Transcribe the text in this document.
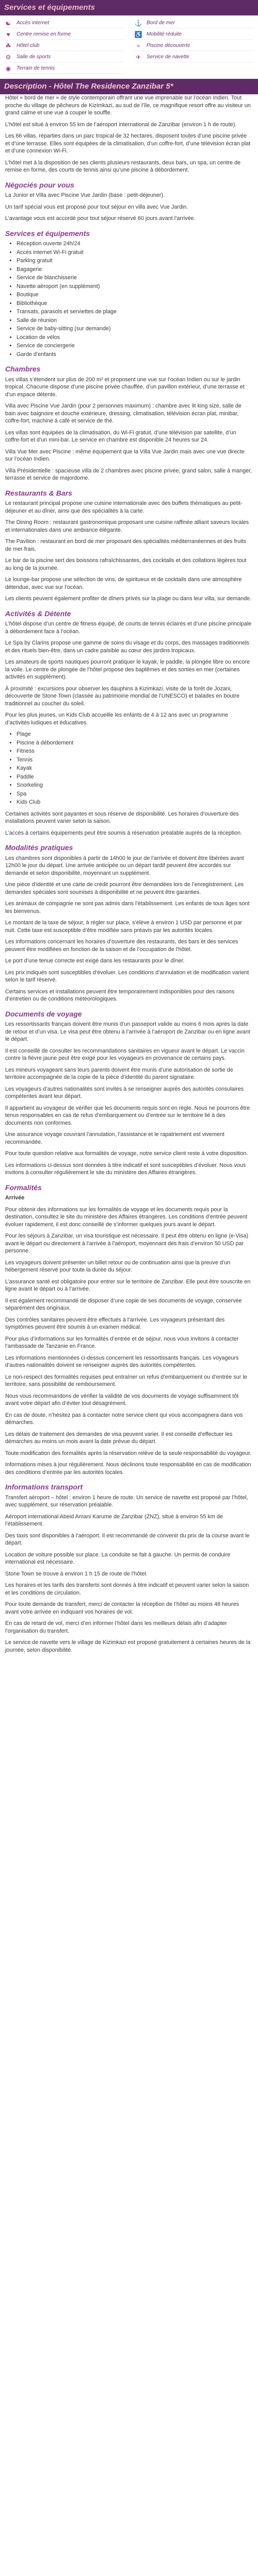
Services et équipements
☯ Accès internet	⚓ Bord de mer
♥	Centre remise en forme	♿ Mobilité réduite
☘ Hôtel club	≈	Piscine découverte
⚙ Salle de sports	✈ Service de navette
◉ Terrain de tennis
Description - Hôtel The Residence Zanzibar 5*

Hôtel « bord de mer » de style contemporain offrant une vue imprenable sur l’océan Indien. Tout proche du village de pêcheurs de Kizimkazi, au sud de l’île, ce magnifique resort offre au visiteur un grand calme et une vue à couper le souffle.

L’hôtel est situé à environ 55 km de l’aéroport international de Zanzibar (environ 1 h de route).

Les 66 villas, réparties dans un parc tropical de 32 hectares, disposent toutes d’une piscine privée et d’une terrasse. Elles sont équipées de la climatisation, d’un coffre-fort, d’une télévision écran plat et d’une connexion Wi-Fi.

L’hôtel met à la disposition de ses clients plusieurs restaurants, deux bars, un spa, un centre de remise en forme, des courts de tennis ainsi qu’une piscine à débordement.

Négociés pour vous

La Junior et Villa avec Piscine Vue Jardin (base : petit-déjeuner).

Un tarif spécial vous est proposé pour tout séjour en villa avec Vue Jardin.

L’avantage vous est accordé pour tout séjour réservé 60 jours avant l’arrivée.

Services et équipements
• Réception ouverte 24h/24
• Accès internet Wi-Fi gratuit
• Parking gratuit
• Bagagerie
• Service de blanchisserie
• Navette aéroport (en supplément)
• Boutique
• Bibliothèque
• Transats, parasols et serviettes de plage
• Salle de réunion
• Service de baby-sitting (sur demande)
• Location de vélos
• Service de conciergerie
• Garde d’enfants
Chambres

Les villas s’étendent sur plus de 200 m² et proposent une vue sur l’océan Indien ou sur le jardin tropical. Chacune dispose d’une piscine privée chauffée, d’un pavillon extérieur, d’une terrasse et d’un espace détente.

Villa avec Piscine Vue Jardin (pour 2 personnes maximum) : chambre avec lit king size, salle de bain avec baignoire et douche extérieure, dressing, climatisation, télévision écran plat, minibar, coffre-fort, machine à café et service de thé.

Les villas sont équipées de la climatisation, du Wi-Fi gratuit, d’une télévision par satellite, d’un coffre-fort et d’un mini-bar. Le service en chambre est disponible 24 heures sur 24.

Villa Vue Mer avec Piscine : même équipement que la Villa Vue Jardin mais avec une vue directe sur l’océan Indien.

Villa Présidentielle : spacieuse villa de 2 chambres avec piscine privée, grand salon, salle à manger, terrasse et service de majordome.

Restaurants & Bars

Le restaurant principal propose une cuisine internationale avec des buffets thématiques au petit-déjeuner et au dîner, ainsi que des spécialités à la carte.

The Dining Room : restaurant gastronomique proposant une cuisine raffinée alliant saveurs locales et internationales dans une ambiance élégante.

The Pavilion : restaurant en bord de mer proposant des spécialités méditerranéennes et des fruits de mer frais.

Le bar de la piscine sert des boissons rafraîchissantes, des cocktails et des collations légères tout au long de la journée.

Le lounge-bar propose une sélection de vins, de spiritueux et de cocktails dans une atmosphère détendue, avec vue sur l’océan.

Les clients peuvent également profiter de dîners privés sur la plage ou dans leur villa, sur demande.

Activités & Détente

L’hôtel dispose d’un centre de fitness équipé, de courts de tennis éclairés et d’une piscine principale à débordement face à l’océan.

Le Spa by Clarins propose une gamme de soins du visage et du corps, des massages traditionnels et des rituels bien-être, dans un cadre paisible au cœur des jardins tropicaux.

Les amateurs de sports nautiques pourront pratiquer le kayak, le paddle, la plongée libre ou encore la voile. Le centre de plongée de l’hôtel propose des baptêmes et des sorties en mer (certaines activités en supplément).

À proximité : excursions pour observer les dauphins à Kizimkazi, visite de la forêt de Jozani, découverte de Stone Town (classée au patrimoine mondial de l’UNESCO) et balades en boutre traditionnel au coucher du soleil.

Pour les plus jeunes, un Kids Club accueille les enfants de 4 à 12 ans avec un programme d’activités ludiques et éducatives.

• Plage
• Piscine à débordement
• Fitness
• Tennis
• Kayak
• Paddle
• Snorkeling
• Spa
• Kids Club

Certaines activités sont payantes et sous réserve de disponibilité. Les horaires d’ouverture des installations peuvent varier selon la saison.

L’accès à certains équipements peut être soumis à réservation préalable auprès de la réception.

Modalités pratiques

Les chambres sont disponibles à partir de 14h00 le jour de l’arrivée et doivent être libérées avant 12h00 le jour du départ. Une arrivée anticipée ou un départ tardif peuvent être accordés sur demande et selon disponibilité, moyennant un supplément.

Une pièce d’identité et une carte de crédit pourront être demandées lors de l’enregistrement. Les demandes spéciales sont soumises à disponibilité et ne peuvent être garanties.

Les animaux de compagnie ne sont pas admis dans l’établissement. Les enfants de tous âges sont les bienvenus.

Le montant de la taxe de séjour, à régler sur place, s’élève à environ 1 USD par personne et par nuit. Cette taxe est susceptible d’être modifiée sans préavis par les autorités locales.

Les informations concernant les horaires d’ouverture des restaurants, des bars et des services peuvent être modifiées en fonction de la saison et de l’occupation de l’hôtel.

Le port d’une tenue correcte est exigé dans les restaurants pour le dîner.

Les prix indiqués sont susceptibles d’évoluer. Les conditions d’annulation et de modification varient selon le tarif réservé.

Certains services et installations peuvent être temporairement indisponibles pour des raisons d’entretien ou de conditions météorologiques.

Documents de voyage

Les ressortissants français doivent être munis d’un passeport valide au moins 6 mois après la date de retour et d’un visa. Le visa peut être obtenu à l’arrivée à l’aéroport de Zanzibar ou en ligne avant le départ.

Il est conseillé de consulter les recommandations sanitaires en vigueur avant le départ. Le vaccin contre la fièvre jaune peut être exigé pour les voyageurs en provenance de certains pays.

Les mineurs voyageant sans leurs parents doivent être munis d’une autorisation de sortie de territoire accompagnée de la copie de la pièce d’identité du parent signataire.

Les voyageurs d’autres nationalités sont invités à se renseigner auprès des autorités consulaires compétentes avant leur départ.

Il appartient au voyageur de vérifier que les documents requis sont en règle. Nous ne pourrons être tenus responsables en cas de refus d’embarquement ou d’entrée sur le territoire lié à des documents non conformes.

Une assurance voyage couvrant l’annulation, l’assistance et le rapatriement est vivement recommandée.

Pour toute question relative aux formalités de voyage, notre service client reste à votre disposition.

Les informations ci-dessus sont données à titre indicatif et sont susceptibles d’évoluer. Nous vous invitons à consulter régulièrement le site du ministère des Affaires étrangères.

Formalités

Arrivée

Pour obtenir des informations sur les formalités de voyage et les documents requis pour la destination, consultez le site du ministère des Affaires étrangères. Les conditions d’entrée peuvent évoluer rapidement, il est donc conseillé de s’informer quelques jours avant le départ.

Pour les séjours à Zanzibar, un visa touristique est nécessaire. Il peut être obtenu en ligne (e-Visa) avant le départ ou directement à l’arrivée à l’aéroport, moyennant des frais d’environ 50 USD par personne.

Les voyageurs doivent présenter un billet retour ou de continuation ainsi que la preuve d’un hébergement réservé pour toute la durée du séjour.

L’assurance santé est obligatoire pour entrer sur le territoire de Zanzibar. Elle peut être souscrite en ligne avant le départ ou à l’arrivée.

Il est également recommandé de disposer d’une copie de ses documents de voyage, conservée séparément des originaux.

Des contrôles sanitaires peuvent être effectués à l’arrivée. Les voyageurs présentant des symptômes peuvent être soumis à un examen médical.

Pour plus d’informations sur les formalités d’entrée et de séjour, nous vous invitons à contacter l’ambassade de Tanzanie en France.

Les informations mentionnées ci-dessus concernent les ressortissants français. Les voyageurs d’autres nationalités doivent se renseigner auprès des autorités compétentes.

Le non-respect des formalités requises peut entraîner un refus d’embarquement ou d’entrée sur le territoire, sans possibilité de remboursement.

Nous vous recommandons de vérifier la validité de vos documents de voyage suffisamment tôt avant votre départ afin d’éviter tout désagrément.

En cas de doute, n’hésitez pas à contacter notre service client qui vous accompagnera dans vos démarches.

Les délais de traitement des demandes de visa peuvent varier. Il est conseillé d’effectuer les démarches au moins un mois avant la date prévue du départ.

Toute modification des formalités après la réservation relève de la seule responsabilité du voyageur.

Informations mises à jour régulièrement. Nous déclinons toute responsabilité en cas de modification des conditions d’entrée par les autorités locales.

Informations transport

Transfert aéroport – hôtel : environ 1 heure de route. Un service de navette est proposé par l’hôtel, avec supplément, sur réservation préalable.

Aéroport international Abeid Amani Karume de Zanzibar (ZNZ), situé à environ 55 km de l’établissement.

Des taxis sont disponibles à l’aéroport. Il est recommandé de convenir du prix de la course avant le départ.

Location de voiture possible sur place. La conduite se fait à gauche. Un permis de conduire international est nécessaire.

Stone Town se trouve à environ 1 h 15 de route de l’hôtel.

Les horaires et les tarifs des transferts sont donnés à titre indicatif et peuvent varier selon la saison et les conditions de circulation.

Pour toute demande de transfert, merci de contacter la réception de l’hôtel au moins 48 heures avant votre arrivée en indiquant vos horaires de vol.

En cas de retard de vol, merci d’en informer l’hôtel dans les meilleurs délais afin d’adapter l’organisation du transfert.

Le service de navette vers le village de Kizimkazi est proposé gratuitement à certaines heures de la journée, selon disponibilité.
